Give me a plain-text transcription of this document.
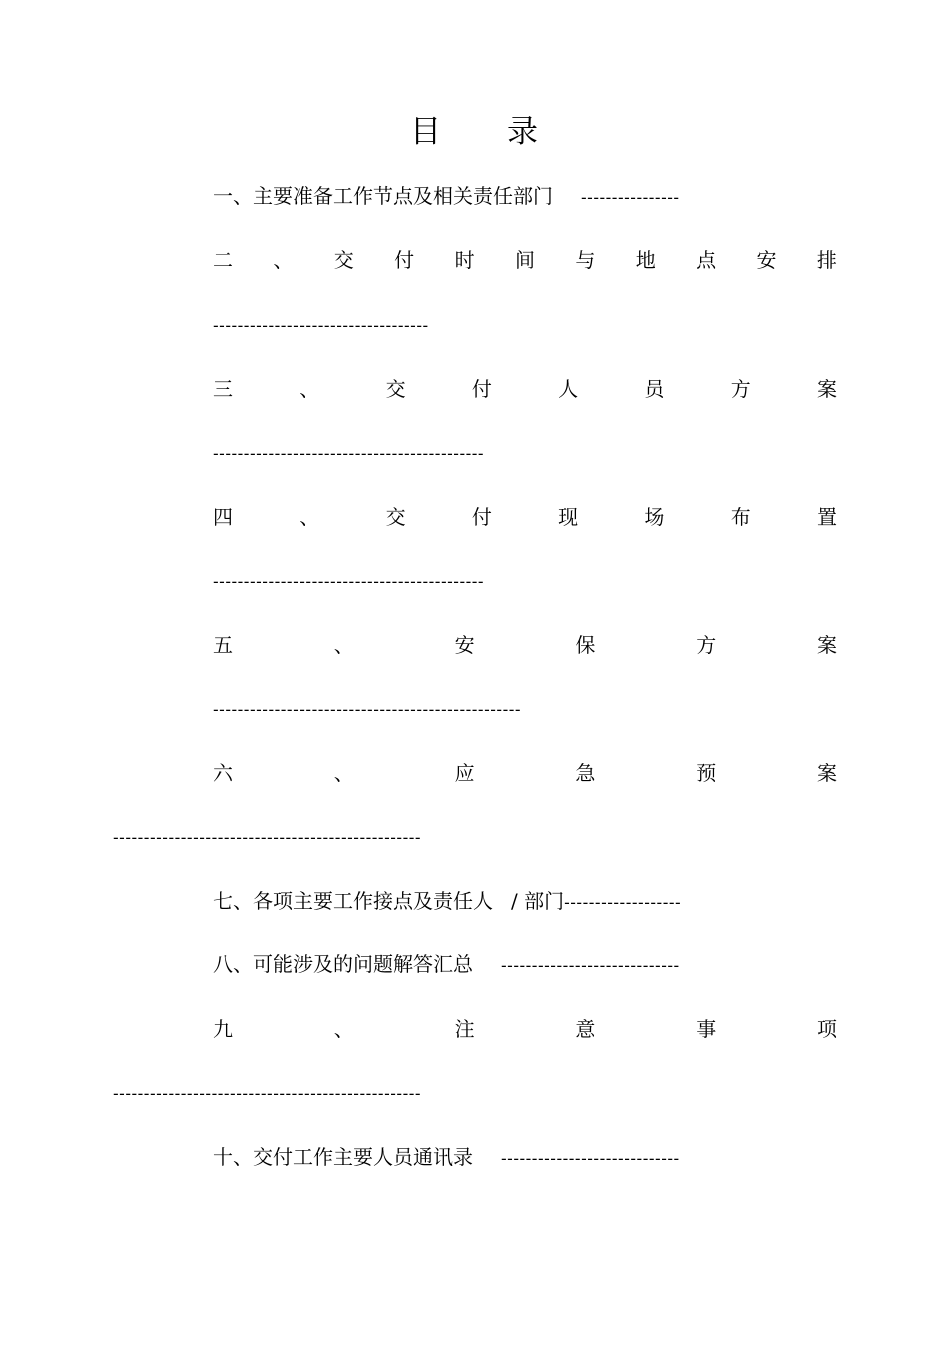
目 录
一、主要准备工作节点及相关责任部门 ----------------
二 、 交 付 时 间 与 地 点 安 排
-----------------------------------
三	、	交	付	人	员	方	案
--------------------------------------------
四	、	交	付	现	场	布	置
--------------------------------------------
五	、	安	保	方	案
--------------------------------------------------
六	、	应	急	预	案
--------------------------------------------------
七、各项主要工作接点及责任人 / 部门-------------------
八、可能涉及的问题解答汇总 -----------------------------
九	、	注	意	事	项
--------------------------------------------------
十、交付工作主要人员通讯录 -----------------------------
